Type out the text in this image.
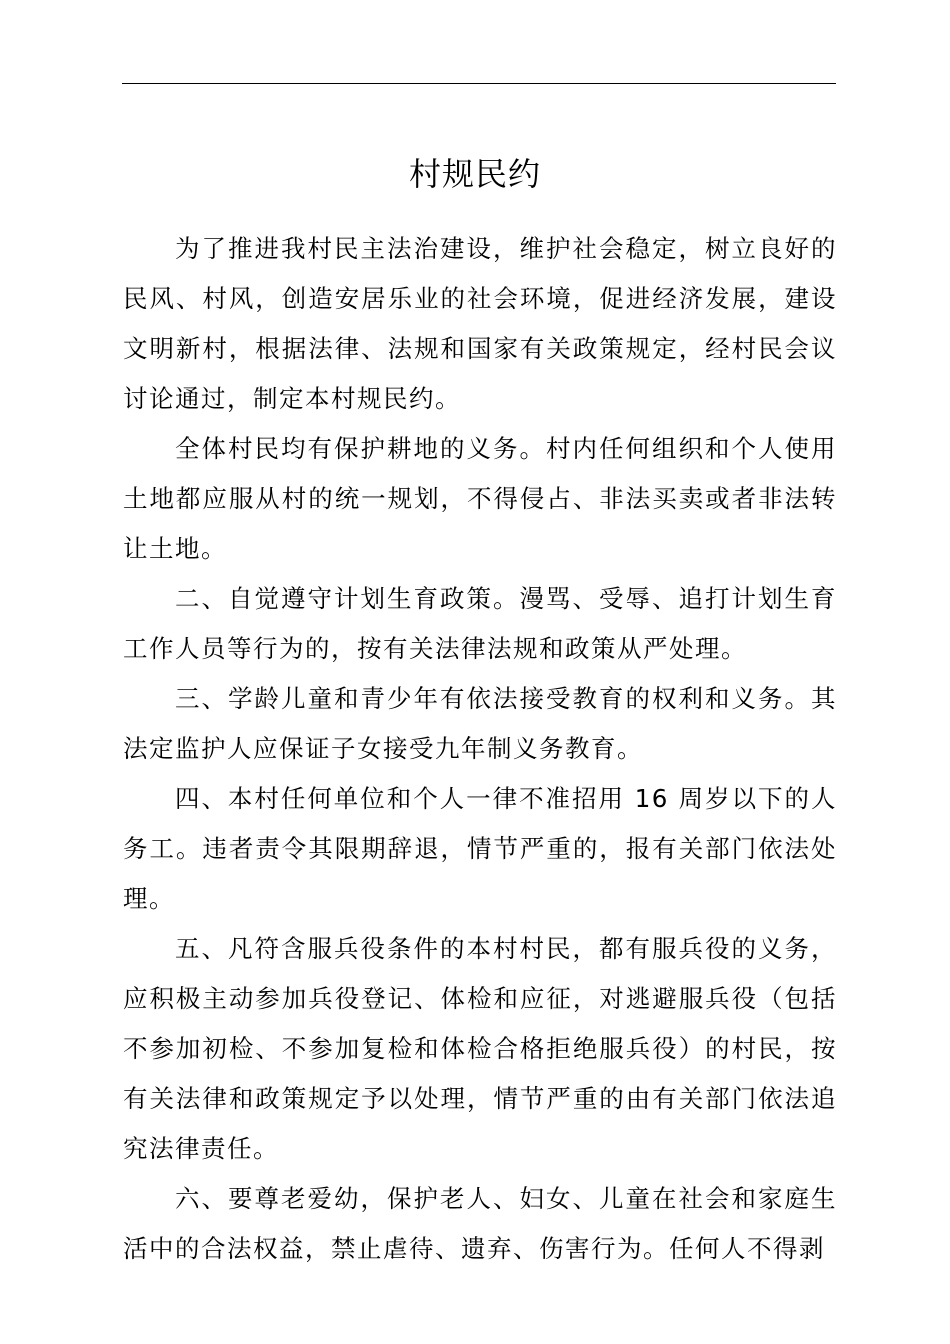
村规民约

为了推进我村民主法治建设，维护社会稳定，树立良好的民风、村风，创造安居乐业的社会环境，促进经济发展，建设文明新村，根据法律、法规和国家有关政策规定，经村民会议讨论通过，制定本村规民约。

全体村民均有保护耕地的义务。村内任何组织和个人使用土地都应服从村的统一规划，不得侵占、非法买卖或者非法转让土地。

二、自觉遵守计划生育政策。漫骂、受辱、追打计划生育工作人员等行为的，按有关法律法规和政策从严处理。

三、学龄儿童和青少年有依法接受教育的权利和义务。其法定监护人应保证子女接受九年制义务教育。

四、本村任何单位和个人一律不准招用 16 周岁以下的人务工。违者责令其限期辞退，情节严重的，报有关部门依法处理。

五、凡符含服兵役条件的本村村民，都有服兵役的义务，应积极主动参加兵役登记、体检和应征，对逃避服兵役（包括不参加初检、不参加复检和体检合格拒绝服兵役）的村民，按有关法律和政策规定予以处理，情节严重的由有关部门依法追究法律责任。

六、要尊老爱幼，保护老人、妇女、儿童在社会和家庭生活中的合法权益，禁止虐待、遗弃、伤害行为。任何人不得剥
